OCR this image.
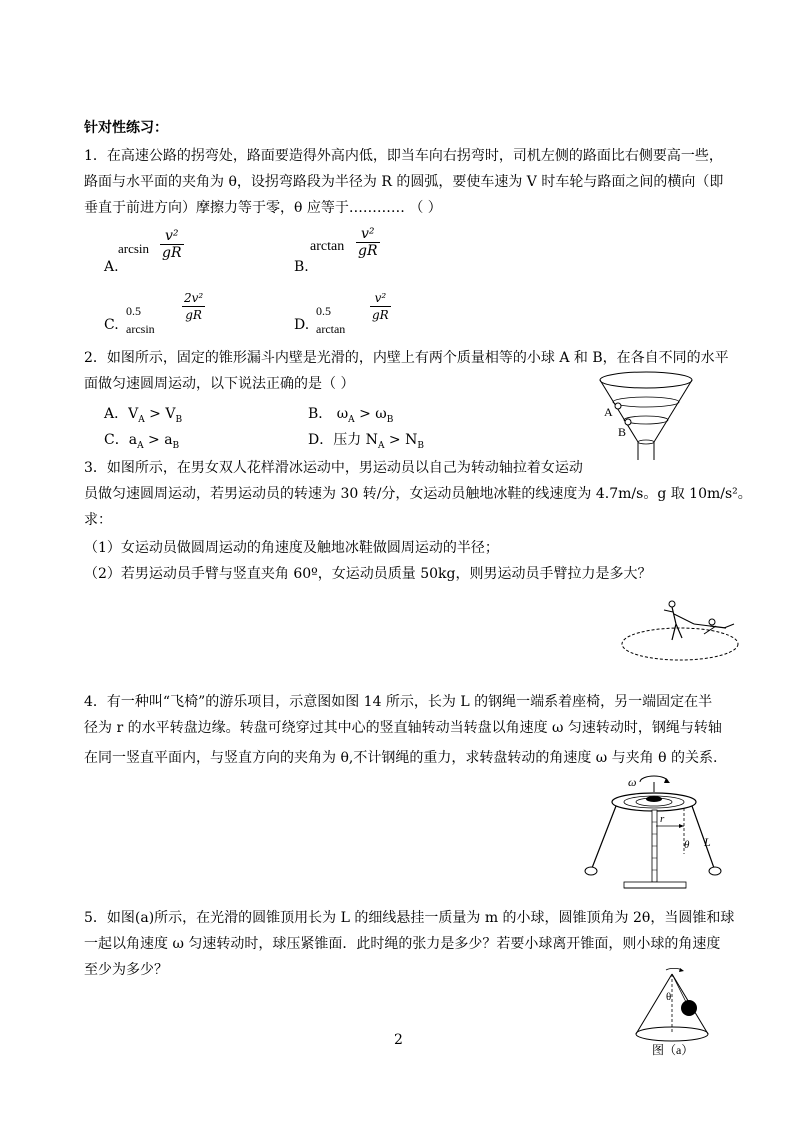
针对性练习：
1．在高速公路的拐弯处，路面要造得外高内低，即当车向右拐弯时，司机左侧的路面比右侧要高一些，
路面与水平面的夹角为 θ，设拐弯路段为半径为 R 的圆弧，要使车速为 V 时车轮与路面之间的横向（即
垂直于前进方向）摩擦力等于零，θ 应等于………… （ ）
$\arcsin \frac{\text{v²}}{gR}$
A.
$\arctan \frac{\text{v²}}{gR}$
B.
0.5 arcsin
$\frac{\text{2v²}}{gR}$
C.
0.5 arctan
$\frac{\text{v²}}{gR}$
D.
2．如图所示，固定的锥形漏斗内壁是光滑的，内壁上有两个质量相等的小球 A 和 B，在各自不同的水平
面做匀速圆周运动，以下说法正确的是（ ）
A．$V_A > V_B$	B． $\omega_A > \omega_B$
C．$a_A > a_B$	D．压力 $N_A > N_B$
A
B
3．如图所示，在男女双人花样滑冰运动中，男运动员以自己为转动轴拉着女运动
员做匀速圆周运动，若男运动员的转速为 30 转/分，女运动员触地冰鞋的线速度为 4.7m/s。g 取 10m/s²。
求：
（1）女运动员做圆周运动的角速度及触地冰鞋做圆周运动的半径；
（2）若男运动员手臂与竖直夹角 60º，女运动员质量 50kg，则男运动员手臂拉力是多大？
4．有一种叫“飞椅”的游乐项目，示意图如图 14 所示，长为 L 的钢绳一端系着座椅，另一端固定在半
径为 r 的水平转盘边缘。转盘可绕穿过其中心的竖直轴转动当转盘以角速度 ω 匀速转动时，钢绳与转轴
在同一竖直平面内，与竖直方向的夹角为 θ,不计钢绳的重力，求转盘转动的角速度 ω 与夹角 θ 的关系.
ω
r
θ L
5．如图(a)所示，在光滑的圆锥顶用长为 L 的细线悬挂一质量为 m 的小球，圆锥顶角为 2θ，当圆锥和球
一起以角速度 ω 匀速转动时，球压紧锥面．此时绳的张力是多少？若要小球离开锥面，则小球的角速度
至少为多少？
θ
图（a）
2
